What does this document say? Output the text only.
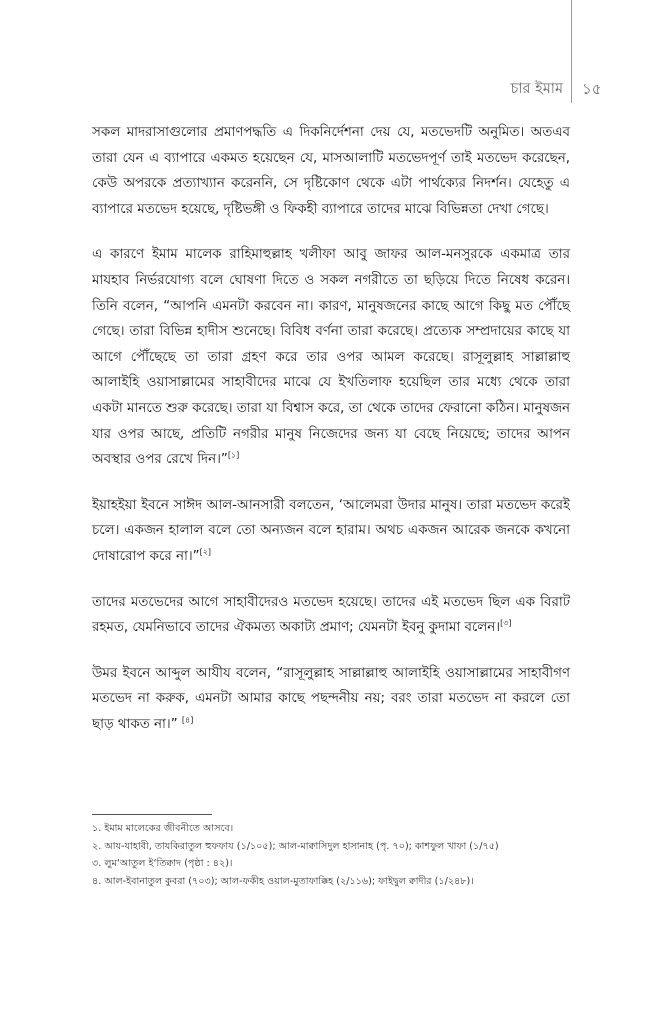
চার ইমাম ১৫

সকল মাদরাসাগুলোর প্রমাণপদ্ধতি এ দিকনির্দেশনা দেয় যে, মতভেদটি অনুমিত। অতএব তারা যেন এ ব্যাপারে একমত হয়েছেন যে, মাসআলাটি মতভেদপূর্ণ তাই মতভেদ করেছেন, কেউ অপরকে প্রত্যাখ্যান করেননি, সে দৃষ্টিকোণ থেকে এটা পার্থক্যের নিদর্শন। যেহেতু এ ব্যাপারে মতভেদ হয়েছে, দৃষ্টিভঙ্গী ও ফিকহী ব্যাপারে তাদের মাঝে বিভিন্নতা দেখা গেছে।

এ কারণে ইমাম মালেক রাহিমাহুল্লাহ খলীফা আবু জাফর আল-মনসুরকে একমাত্র তার মাযহাব নির্ভরযোগ্য বলে ঘোষণা দিতে ও সকল নগরীতে তা ছড়িয়ে দিতে নিষেধ করেন। তিনি বলেন, “আপনি এমনটা করবেন না। কারণ, মানুষজনের কাছে আগে কিছু মত পৌঁছে গেছে। তারা বিভিন্ন হাদীস শুনেছে। বিবিধ বর্ণনা তারা করেছে। প্রত্যেক সম্প্রদায়ের কাছে যা আগে পৌঁছেছে তা তারা গ্রহণ করে তার ওপর আমল করেছে। রাসূলুল্লাহ সাল্লাল্লাহু আলাইহি ওয়াসাল্লামের সাহাবীদের মাঝে যে ইখতিলাফ হয়েছিল তার মধ্যে থেকে তারা একটা মানতে শুরু করেছে। তারা যা বিশ্বাস করে, তা থেকে তাদের ফেরানো কঠিন। মানুষজন যার ওপর আছে, প্রতিটি নগরীর মানুষ নিজেদের জন্য যা বেছে নিয়েছে; তাদের আপন অবস্থার ওপর রেখে দিন।”[১]

ইয়াহইয়া ইবনে সাঈদ আল-আনসারী বলতেন, ‘আলেমরা উদার মানুষ। তারা মতভেদ করেই চলে। একজন হালাল বলে তো অন্যজন বলে হারাম। অথচ একজন আরেক জনকে কখনো দোষারোপ করে না।”[২]

তাদের মতভেদের আগে সাহাবীদেরও মতভেদ হয়েছে। তাদের এই মতভেদ ছিল এক বিরাট রহমত, যেমনিভাবে তাদের ঐকমত্য অকাট্য প্রমাণ; যেমনটা ইবনু কুদামা বলেন।[৩]

উমর ইবনে আব্দুল আযীয বলেন, “রাসূলুল্লাহ সাল্লাল্লাহু আলাইহি ওয়াসাল্লামের সাহাবীগণ মতভেদ না করুক, এমনটা আমার কাছে পছন্দনীয় নয়; বরং তারা মতভেদ না করলে তো ছাড় থাকত না।” [৪]

১. ইমাম মালেকের জীবনীতে আসবে।
২. আয-যাহাবী, তাযকিরাতুল হুফফায (১/১০৫); আল-মাক্বাসিদুল হাসানাহ (পৃ. ৭০); কাশফুল খাফা (১/৭৫)
৩. লুম‘আতুল ই‘তিক্বাদ (পৃষ্ঠা : ৪২)।
৪. আল-ইবানাতুল কুবরা (৭০৩); আল-ফকীহ ওয়াল-মুতাফাক্কিহ (২/১১৬); ফাইদ্বুল ক্বাদীর (১/২৪৮)।
